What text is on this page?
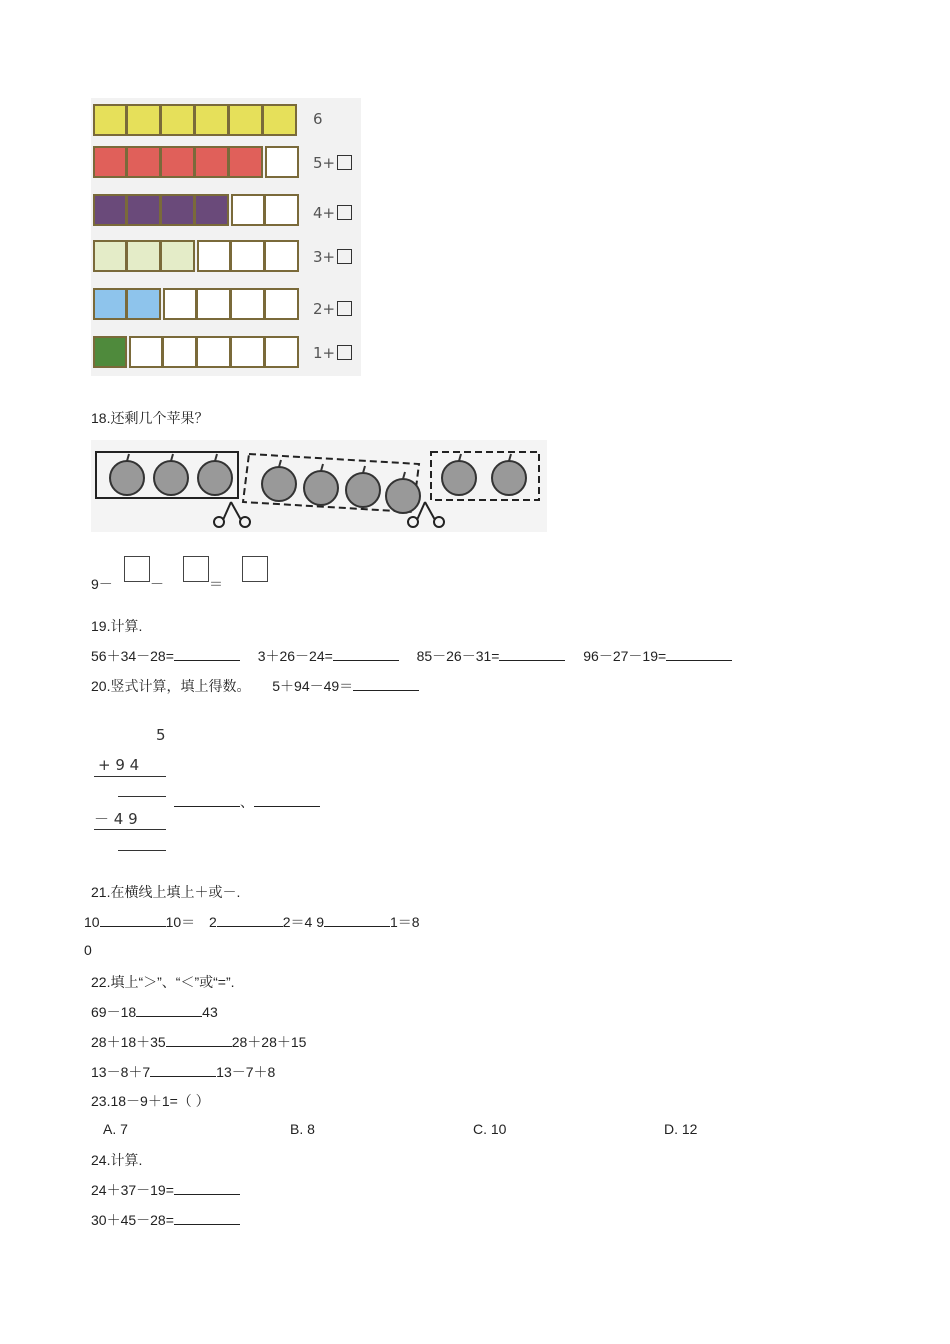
6
5+
4+
3+
2+
1+
18.还剩几个苹果？
9－	－	＝
19.计算.
56＋34－28=	3＋26－24=	85－26－31=	96－27－19=
20.竖式计算，填上得数。 5＋94－49＝
5
+ 9 4
－ 4 9
、
21.在横线上填上＋或－.
10	10＝ 2	2＝4 9	1＝8
0
22.填上“＞”、“＜”或“=”.
69－18	43
28＋18＋35	28＋28＋15
13－8＋7	13－7＋8
23.18－9＋1=（ ）
A. 7	B. 8	C. 10	D. 12
24.计算.
24＋37－19=
30＋45－28=
